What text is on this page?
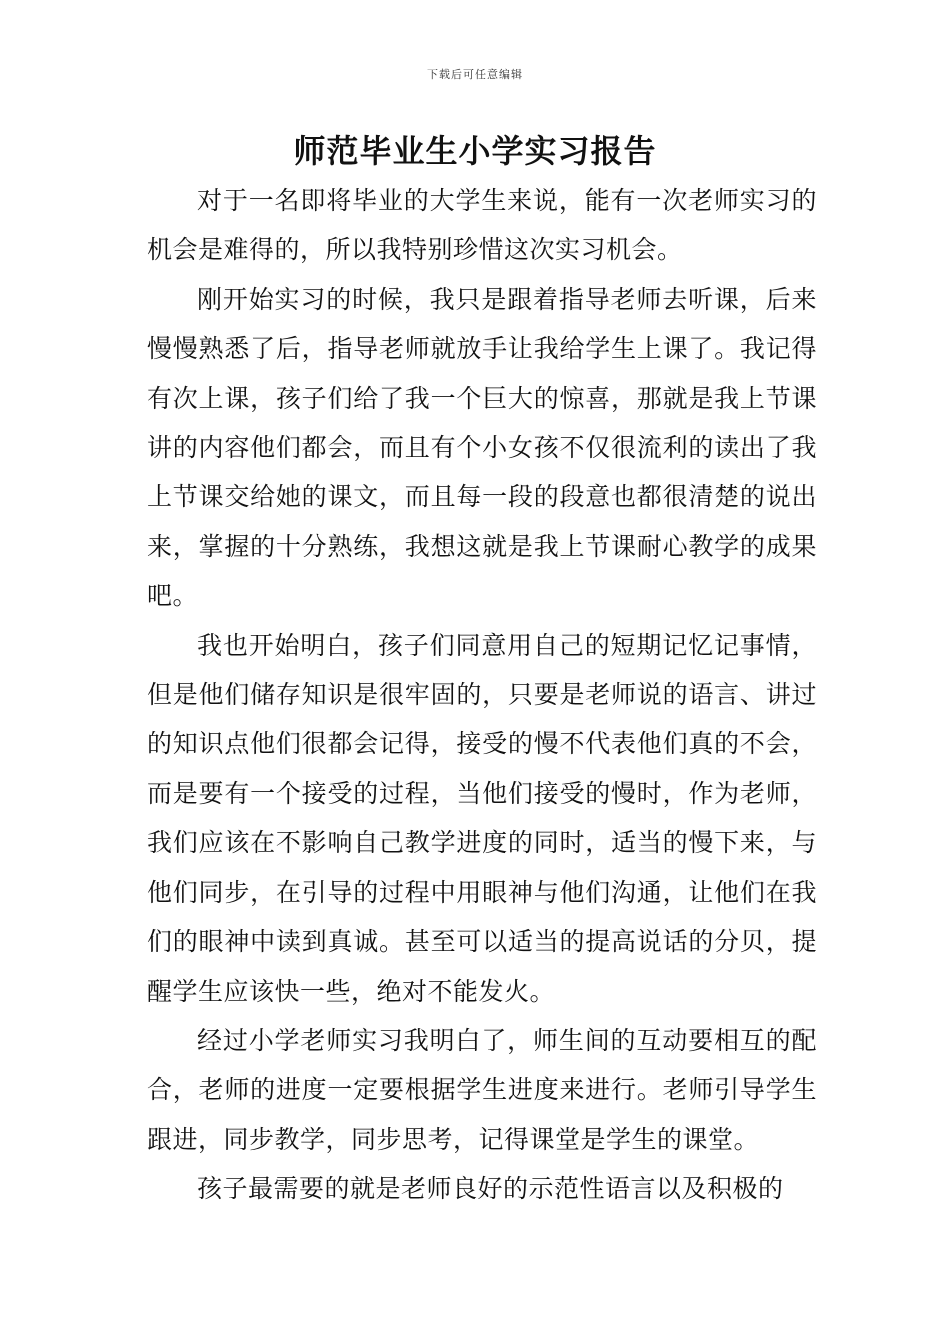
下载后可任意编辑
师范毕业生小学实习报告

对于一名即将毕业的大学生来说，能有一次老师实习的机会是难得的，所以我特别珍惜这次实习机会。

刚开始实习的时候，我只是跟着指导老师去听课，后来慢慢熟悉了后，指导老师就放手让我给学生上课了。我记得有次上课，孩子们给了我一个巨大的惊喜，那就是我上节课讲的内容他们都会，而且有个小女孩不仅很流利的读出了我上节课交给她的课文，而且每一段的段意也都很清楚的说出来，掌握的十分熟练，我想这就是我上节课耐心教学的成果吧。

我也开始明白，孩子们同意用自己的短期记忆记事情，但是他们储存知识是很牢固的，只要是老师说的语言、讲过的知识点他们很都会记得，接受的慢不代表他们真的不会，而是要有一个接受的过程，当他们接受的慢时，作为老师，我们应该在不影响自己教学进度的同时，适当的慢下来，与他们同步，在引导的过程中用眼神与他们沟通，让他们在我们的眼神中读到真诚。甚至可以适当的提高说话的分贝，提醒学生应该快一些，绝对不能发火。

经过小学老师实习我明白了，师生间的互动要相互的配合，老师的进度一定要根据学生进度来进行。老师引导学生跟进，同步教学，同步思考，记得课堂是学生的课堂。

孩子最需要的就是老师良好的示范性语言以及积极的
